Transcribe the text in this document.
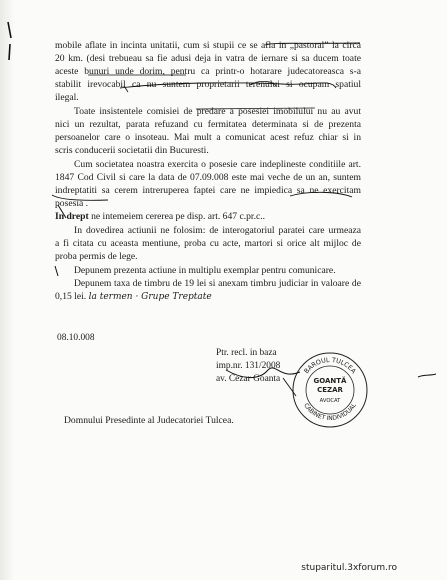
mobile aflate in incinta unitatii, cum si stupii ce se afla in „pastoral” la circa
20 km. (desi trebueau sa fie adusi deja in vatra de iernare si sa ducem toate
aceste bunuri unde dorim, pentru ca printr-o hotarare judecatoreasca s-a
stabilit irevocabil ca nu suntem proprietarii terenului si ocupam spatiul
ilegal.
Toate insistentele comisiei de predare a posesiei imobilului nu au avut
nici un rezultat, parata refuzand cu fermitatea determinata si de prezenta
persoanelor care o insoteau. Mai mult a comunicat acest refuz chiar si in
scris conducerii societatii din Bucuresti.
Cum societatea noastra exercita o posesie care indeplineste conditiile art.
1847 Cod Civil si care la data de 07.09.008 este mai veche de un an, suntem
indreptatiti sa cerem intreruperea faptei care ne impiedica sa ne exercitam
posesia .
In drept ne intemeiem cererea pe disp. art. 647 c.pr.c..
In dovedirea actiunii ne folosim: de interogatoriul paratei care urmeaza
a fi citata cu aceasta mentiune, proba cu acte, martori si orice alt mijloc de
proba permis de lege.
Depunem prezenta actiune in multiplu exemplar pentru comunicare.
Depunem taxa de timbru de 19 lei si anexam timbru judiciar in valoare de
0,15 lei. la termen · Grupe Treptate
08.10.008
Ptr. recl. in baza
imp.nr. 131/2008
av. Cezar Goanta
BAROUL TULCEA
CABINET INDIVIDUAL
GOANTĂ
CEZAR
AVOCAT
Domnului Presedinte al Judecatoriei Tulcea.
stuparitul.3xforum.ro
